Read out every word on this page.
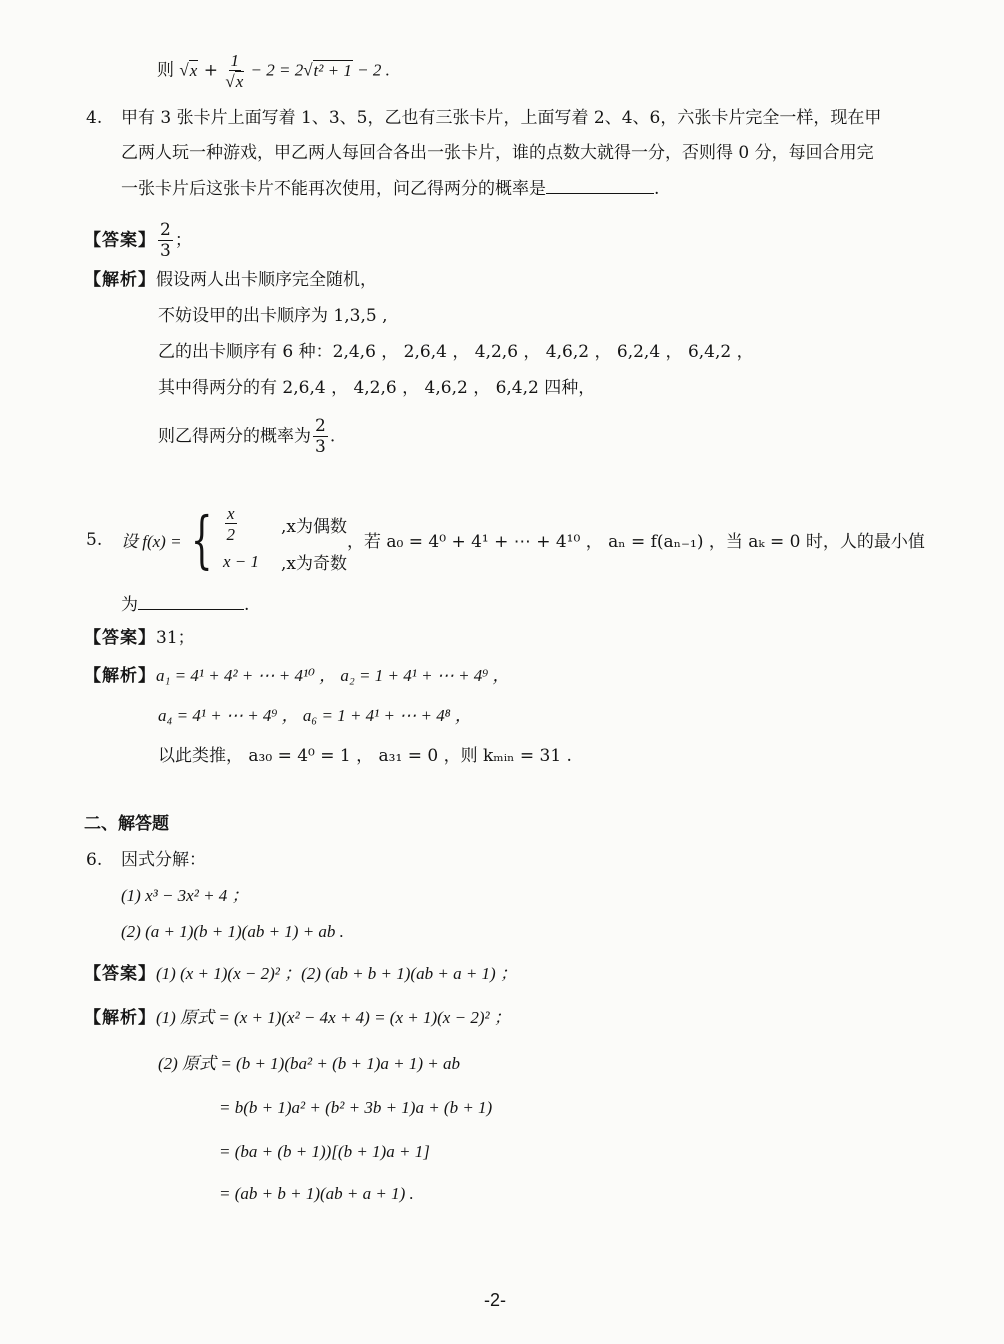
则 $√x + \frac{1}{√x} - 2 = 2√t^2 + 1 - 2$ .
4. 甲有 3 张卡片上面写着 1、3、5，乙也有三张卡片，上面写着 2、4、6，六张卡片完全一样，现在甲
乙两人玩一种游戏，甲乙两人每回合各出一张卡片，谁的点数大就得一分，否则得 0 分，每回合用完
一张卡片后这张卡片不能再次使用，问乙得两分的概率是	.
【答案】 $\frac{2}{3}$ ；
【解析】假设两人出卡顺序完全随机，
不妨设甲的出卡顺序为 1,3,5 ,
乙的出卡顺序有 6 种：2,4,6 ， 2,6,4 ， 4,2,6 ， 4,6,2 ， 6,2,4 ， 6,4,2 ，
其中得两分的有 2,6,4 ， 4,2,6 ， 4,6,2 ， 6,4,2 四种，
则乙得两分的概率为 $\frac{2}{3}$ .
5. 设 f(x) = { $\frac{x}{2}$	,x为偶数
x − 1	,x为奇数
，若 a₀ = 4⁰ + 4¹ + ⋯ + 4¹⁰ ， aₙ = f(aₙ₋₁) ，当 aₖ = 0 时，人的最小值
为	.
【答案】31；
【解析】a₁ = 4¹ + 4² + ⋯ + 4¹⁰ ， a₂ = 1 + 4¹ + ⋯ + 4⁹ ，
a₄ = 4¹ + ⋯ + 4⁹ ， a₆ = 1 + 4¹ + ⋯ + 4⁸ ，
以此类推， a₃₀ = 4⁰ = 1 ， a₃₁ = 0 ，则 kₘᵢₙ = 31 .
二、解答题
6. 因式分解：
(1) x³ − 3x² + 4 ；
(2) (a + 1)(b + 1)(ab + 1) + ab .
【答案】(1) (x + 1)(x − 2)² ；(2) (ab + b + 1)(ab + a + 1) ；
【解析】(1) 原式 = (x + 1)(x² − 4x + 4) = (x + 1)(x − 2)² ；
(2) 原式 = (b + 1)(ba² + (b + 1)a + 1) + ab
= b(b + 1)a² + (b² + 3b + 1)a + (b + 1)
= (ba + (b + 1))[(b + 1)a + 1]
= (ab + b + 1)(ab + a + 1) .
-2-
